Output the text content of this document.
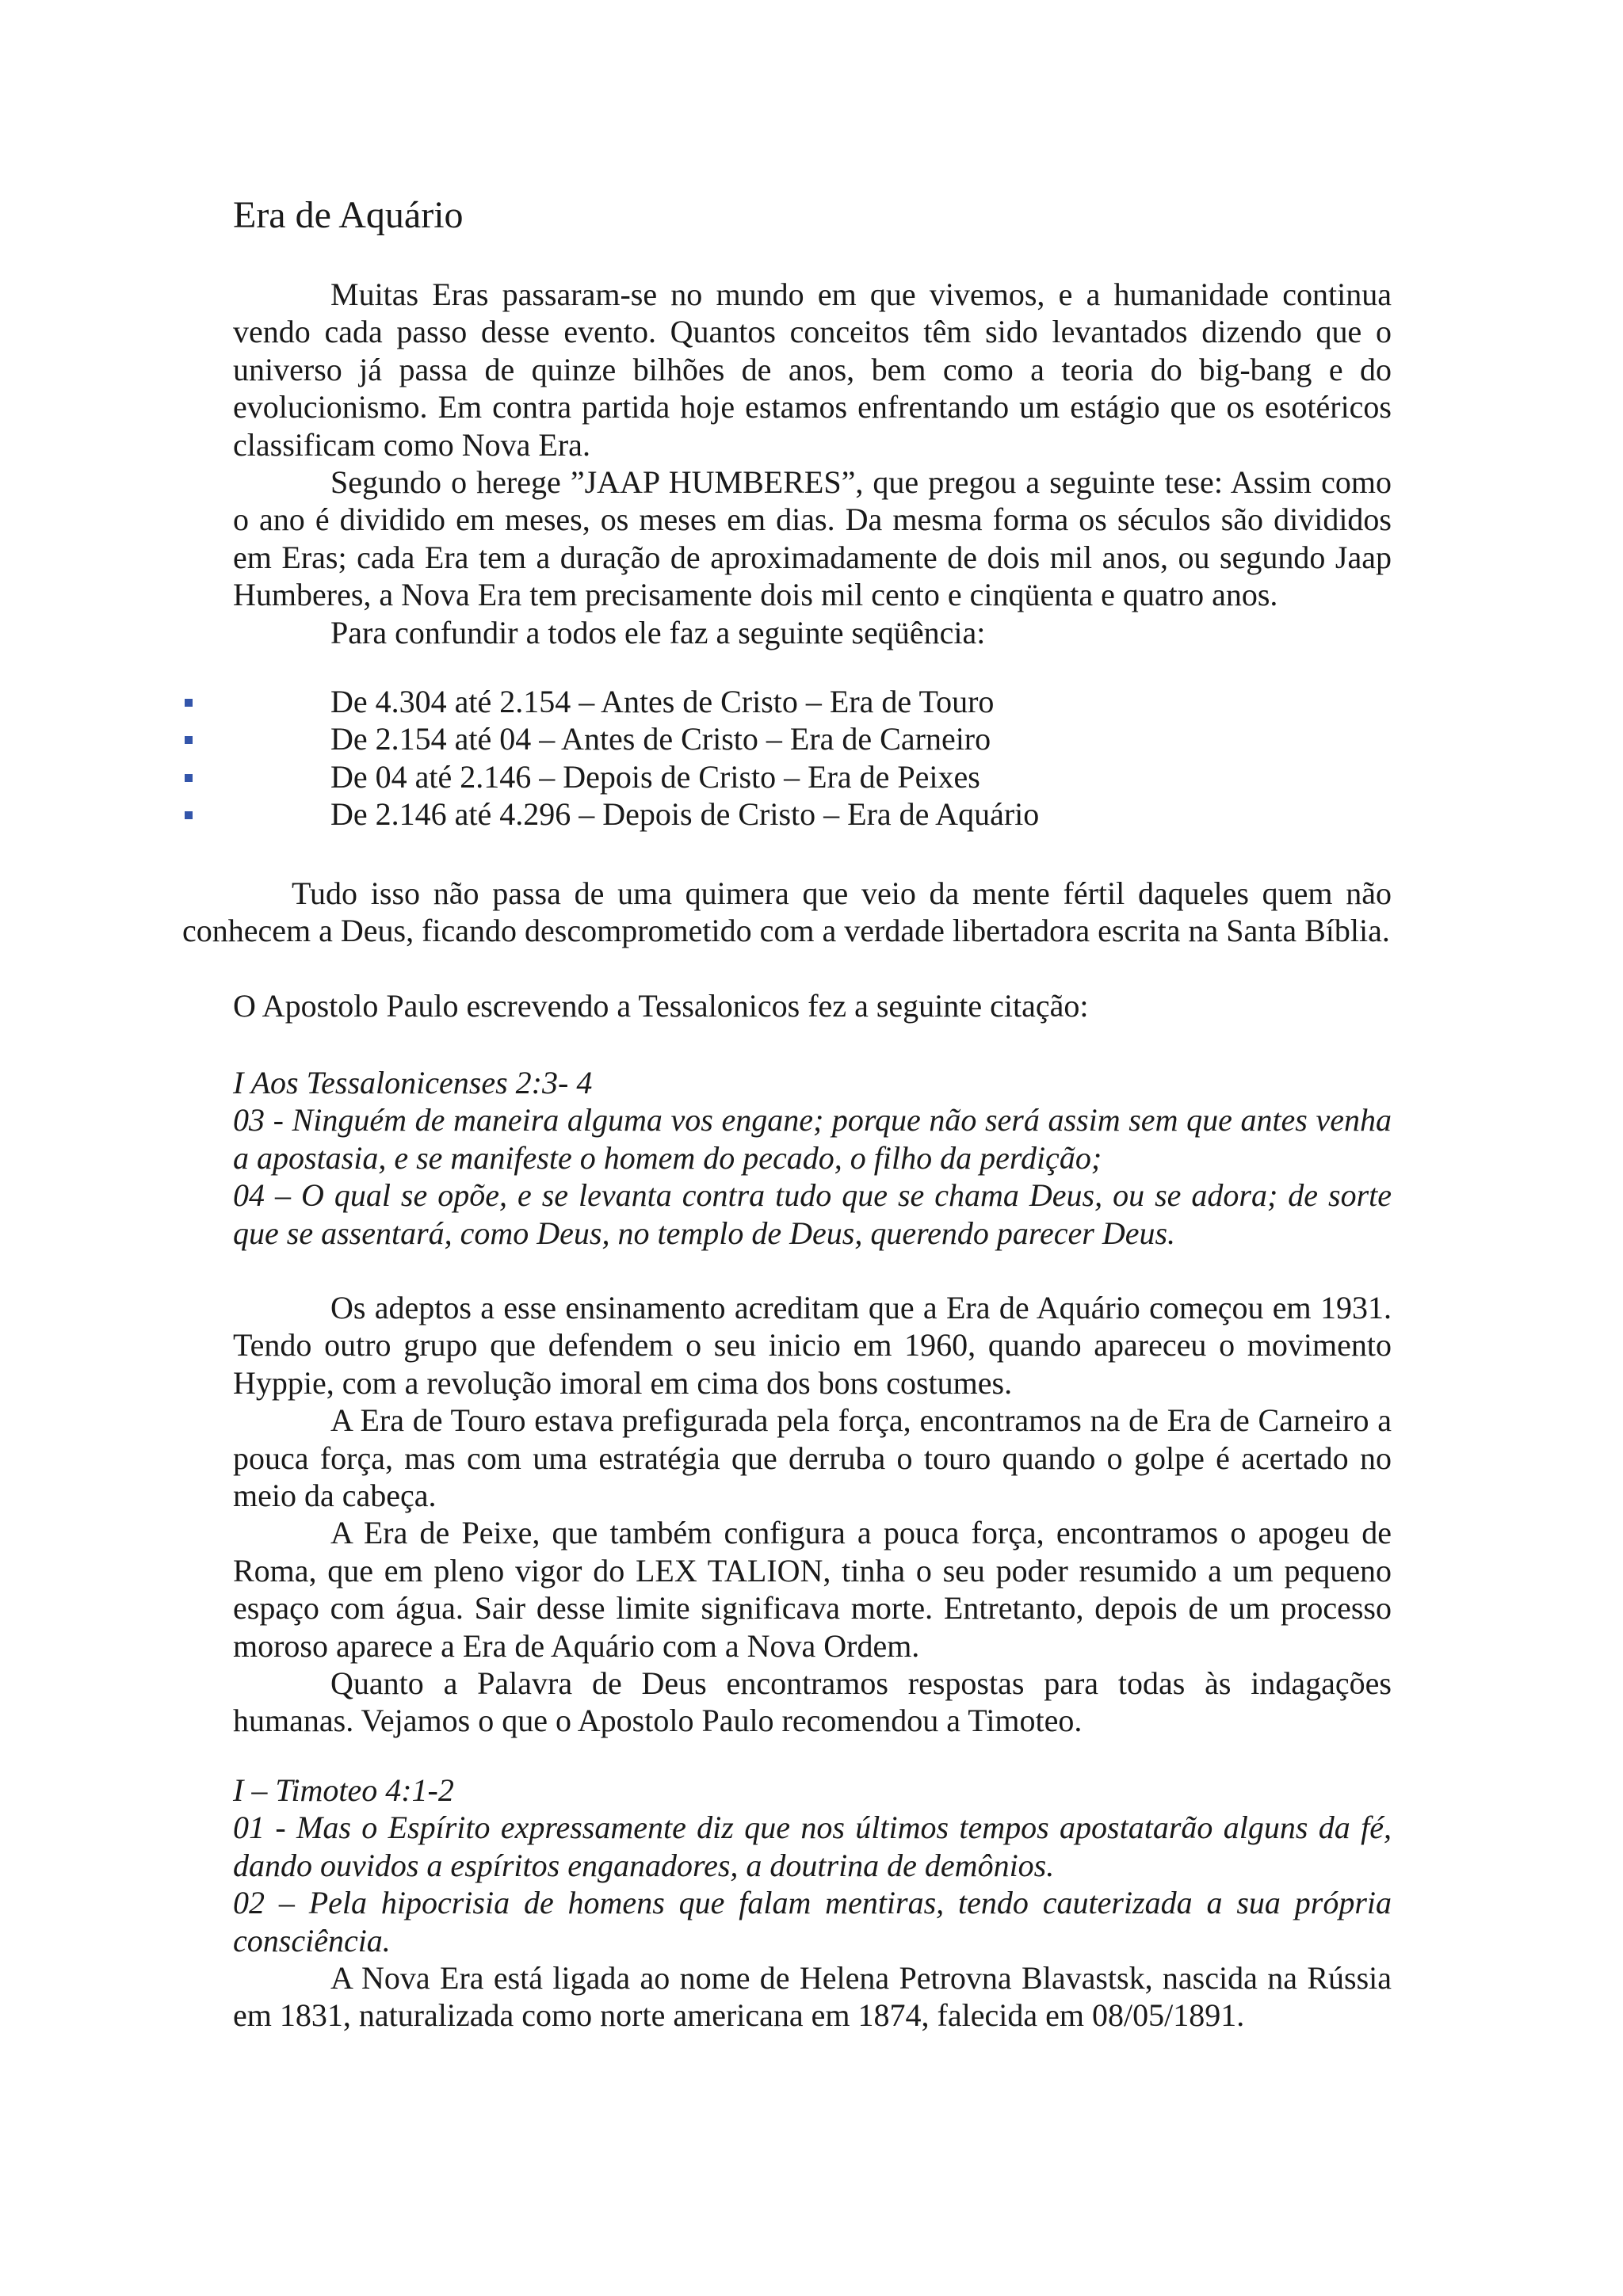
Era de Aquário

Muitas Eras passaram-se no mundo em que vivemos, e a humanidade continua vendo cada passo desse evento. Quantos conceitos têm sido levantados dizendo que o universo já passa de quinze bilhões de anos, bem como a teoria do big-bang e do evolucionismo. Em contra partida hoje estamos enfrentando um estágio que os esotéricos classificam como Nova Era.

Segundo o herege ”JAAP HUMBERES”, que pregou a seguinte tese: Assim como o ano é dividido em meses, os meses em dias. Da mesma forma os séculos são divididos em Eras; cada Era tem a duração de aproximadamente de dois mil anos, ou segundo Jaap Humberes, a Nova Era tem precisamente dois mil cento e cinqüenta e quatro anos.

Para confundir a todos ele faz a seguinte seqüência:

De 4.304 até 2.154 – Antes de Cristo – Era de Touro
De 2.154 até 04 – Antes de Cristo – Era de Carneiro
De 04 até 2.146 – Depois de Cristo – Era de Peixes
De 2.146 até 4.296 – Depois de Cristo – Era de Aquário

Tudo isso não passa de uma quimera que veio da mente fértil daqueles quem não conhecem a Deus, ficando descomprometido com a verdade libertadora escrita na Santa Bíblia.

O Apostolo Paulo escrevendo a Tessalonicos fez a seguinte citação:

I Aos Tessalonicenses 2:3- 4

03 - Ninguém de maneira alguma vos engane; porque não será assim sem que antes venha a apostasia, e se manifeste o homem do pecado, o filho da perdição;

04 – O qual se opõe, e se levanta contra tudo que se chama Deus, ou se adora; de sorte que se assentará, como Deus, no templo de Deus, querendo parecer Deus.

Os adeptos a esse ensinamento acreditam que a Era de Aquário começou em 1931. Tendo outro grupo que defendem o seu inicio em 1960, quando apareceu o movimento Hyppie, com a revolução imoral em cima dos bons costumes.

A Era de Touro estava prefigurada pela força, encontramos na de Era de Carneiro a pouca força, mas com uma estratégia que derruba o touro quando o golpe é acertado no meio da cabeça.

A Era de Peixe, que também configura a pouca força, encontramos o apogeu de Roma, que em pleno vigor do LEX TALION, tinha o seu poder resumido a um pequeno espaço com água. Sair desse limite significava morte. Entretanto, depois de um processo moroso aparece a Era de Aquário com a Nova Ordem.

Quanto a Palavra de Deus encontramos respostas para todas às indagações humanas. Vejamos o que o Apostolo Paulo recomendou a Timoteo.

I – Timoteo 4:1-2

01 - Mas o Espírito expressamente diz que nos últimos tempos apostatarão alguns da fé, dando ouvidos a espíritos enganadores, a doutrina de demônios.

02 – Pela hipocrisia de homens que falam mentiras, tendo cauterizada a sua própria consciência.

A Nova Era está ligada ao nome de Helena Petrovna Blavastsk, nascida na Rússia em 1831, naturalizada como norte americana em 1874, falecida em 08/05/1891.
